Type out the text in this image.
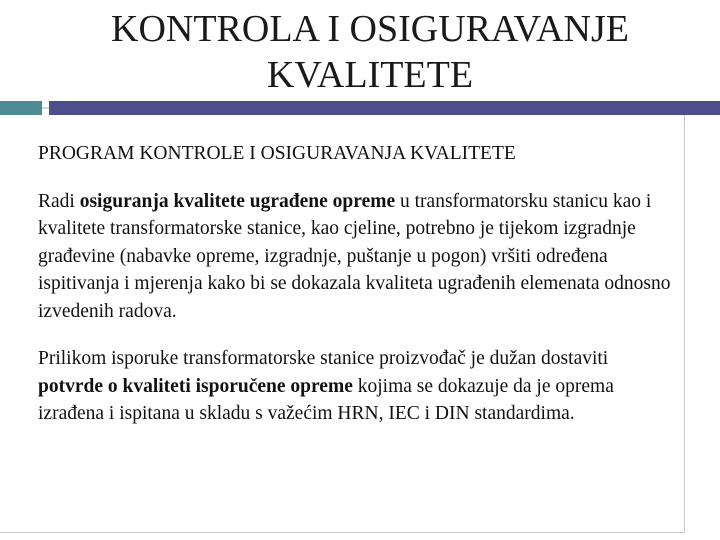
KONTROLA I OSIGURAVANJE
KVALITETE

PROGRAM KONTROLE I OSIGURAVANJA KVALITETE

Radi osiguranja kvalitete ugrađene opreme u transformatorsku stanicu kao i kvalitete transformatorske stanice, kao cjeline, potrebno je tijekom izgradnje građevine (nabavke opreme, izgradnje, puštanje u pogon) vršiti određena ispitivanja i mjerenja kako bi se dokazala kvaliteta ugrađenih elemenata odnosno izvedenih radova.

Prilikom isporuke transformatorske stanice proizvođač je dužan dostaviti potvrde o kvaliteti isporučene opreme kojima se dokazuje da je oprema izrađena i ispitana u skladu s važećim HRN, IEC i DIN standardima.
